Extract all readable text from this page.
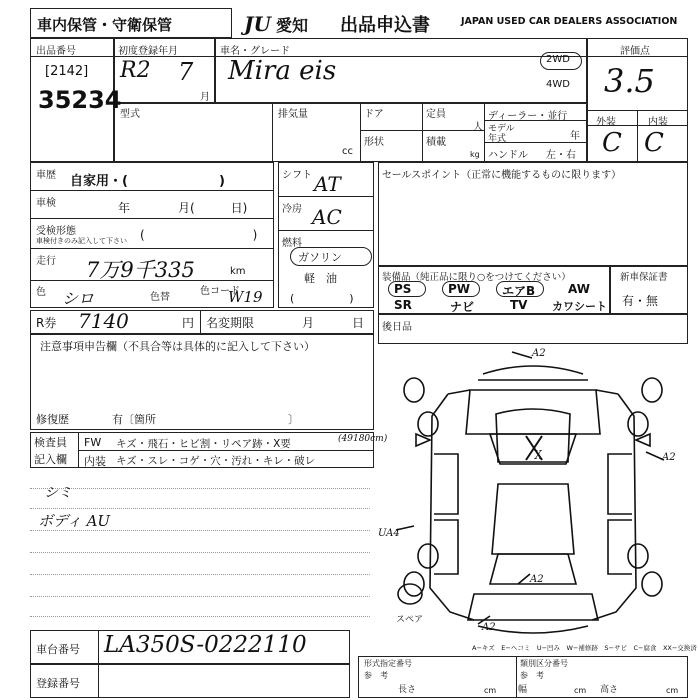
車内保管・守衛保管	JU 愛知 出品申込書	JAPAN USED CAR DEALERS ASSOCIATION
出品番号
[2142]
35234
初度登録年月
R2 7
月
車名・グレード
Mira eis	2WD
4WD
評価点
3.5
外装	内装
C C
型式	排気量
cc
ドア
形状
定員
人
積載
kg
ディーラー・並行
モデル
年式	年
ハンドル 左・右
車歴 自家用・(　　　　　　　)
車検	年　　　　月(　　　日)
受検形態
車検付きのみ記入して下さい (　　　　　　　　　)
走行 7万9千335	km
色 シロ	色替
色コード
W19
シフト AT
冷房 AC
燃料
ガソリン
軽　油
(　　　　　)
セールスポイント（正常に機能するものに限ります）
装備品（純正品に限り○をつけてください）
PS	PW	エアB	AW
SR	ナビ	TV カワシート
新車保証書
有・無
R券 7140	円 名変期限	月	日 後日品
注意事項申告欄（不具合等は具体的に記入して下さい）
修復歴	有〔箇所　　　　　　　　　　　　〕
検査員
記入欄
FW キズ・飛石・ヒビ割・リペア跡・X要	(49180cm)
内装 キズ・スレ・コゲ・穴・汚れ・キレ・破レ
シミ
ボディ AU
A2
X	A2
UA4
A2
A2
スペア
A−キズ　E−ヘコミ　U−凹み　W−補修跡　S−サビ　C−腐食　XX−交換済
車台番号 LA350S-0222110
登録番号
形式指定番号
参　考
類別区分番号
参　考
長さ	cm 幅	cm 高さ	cm
